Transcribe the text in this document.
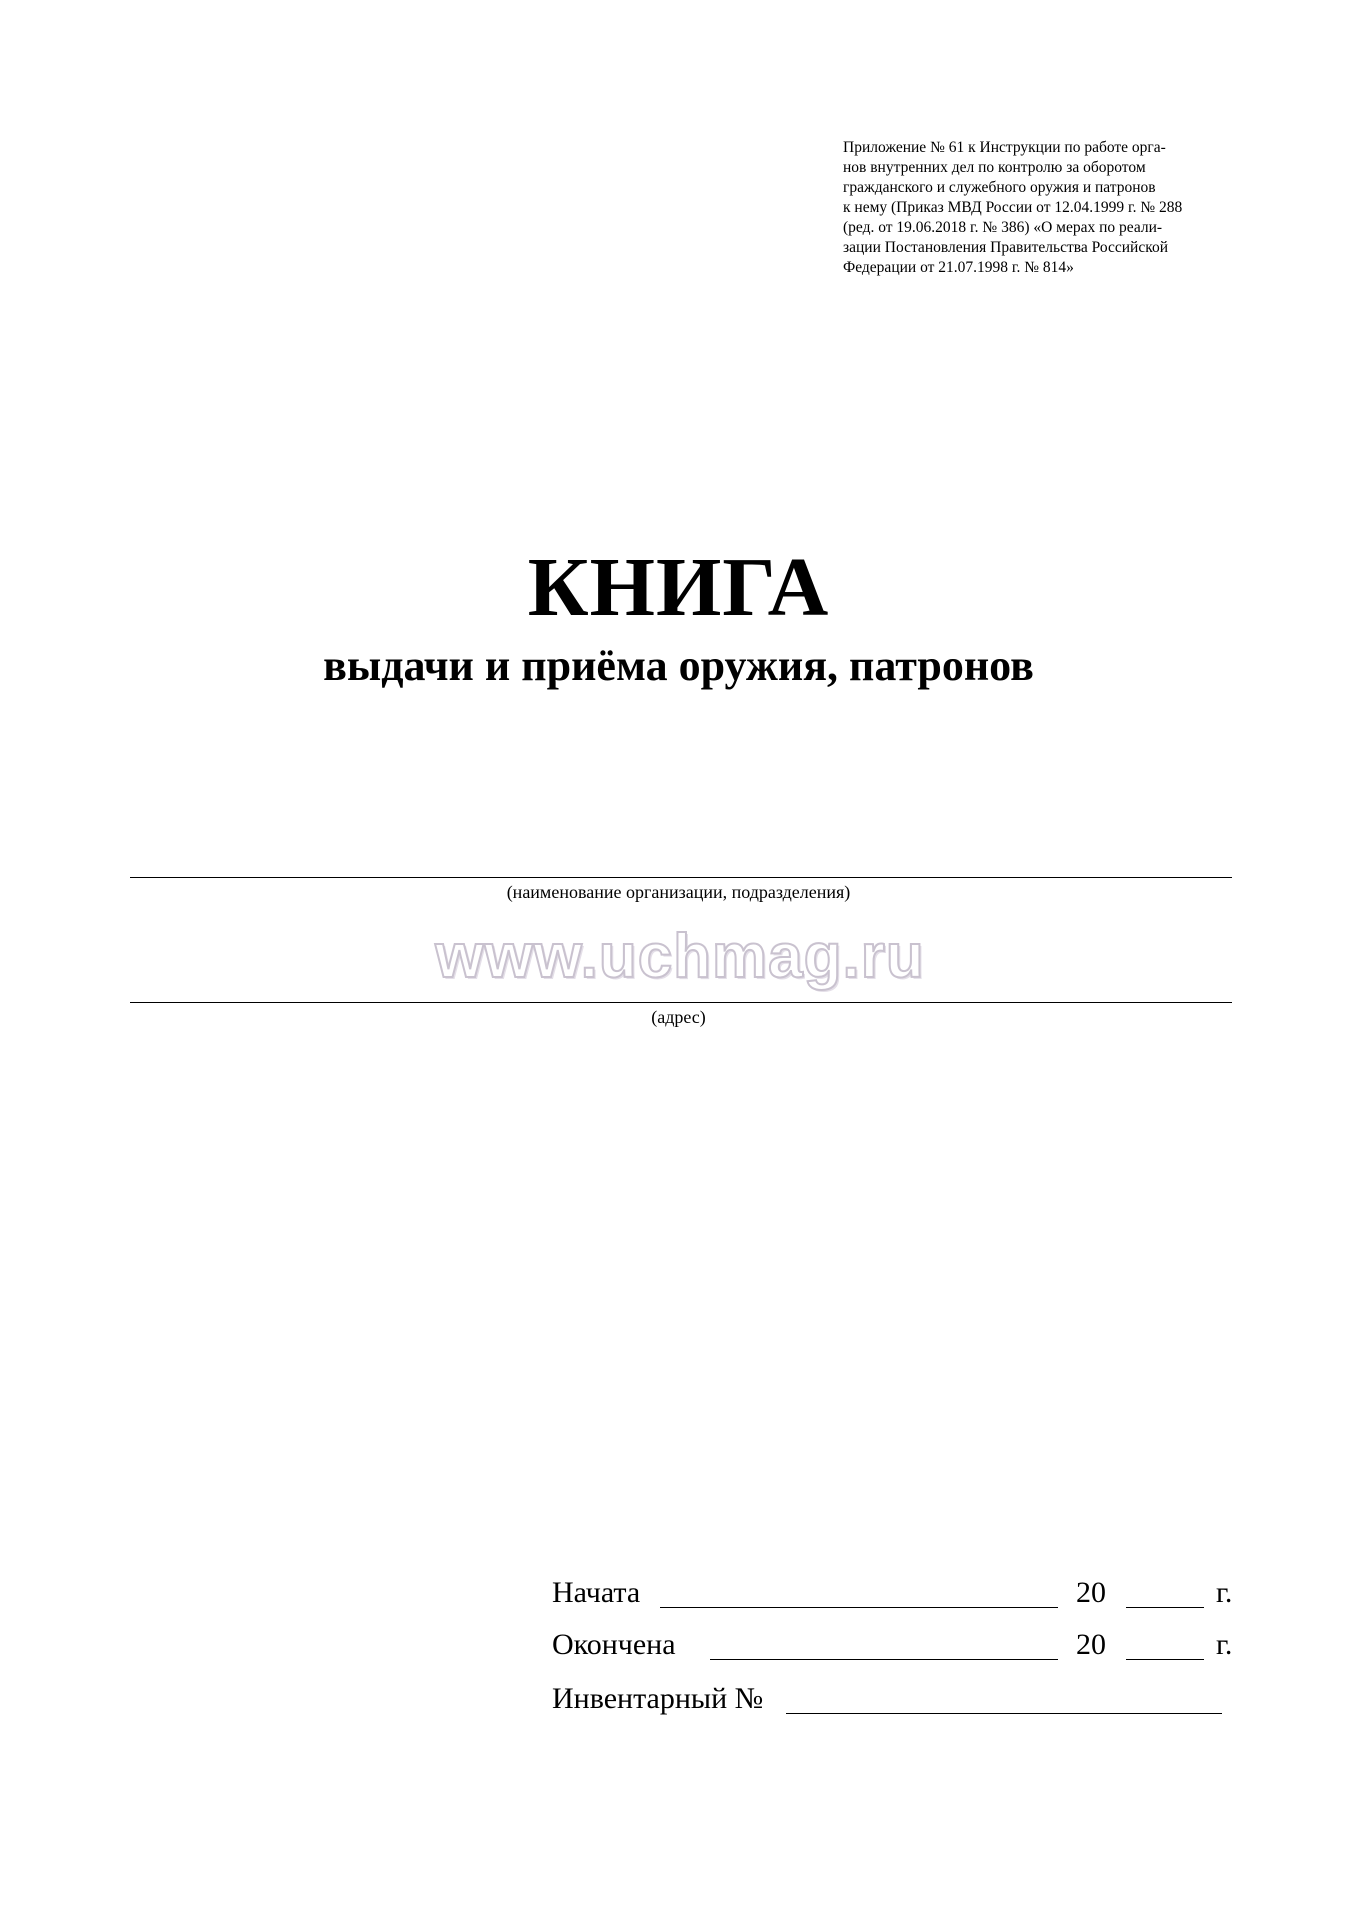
Приложение № 61 к Инструкции по работе орга-
нов внутренних дел по контролю за оборотом
гражданского и служебного оружия и патронов
к нему (Приказ МВД России от 12.04.1999 г. № 288
(ред. от 19.06.2018 г. № 386) «О мерах по реали-
зации Постановления Правительства Российской
Федерации от 21.07.1998 г. № 814»
КНИГА
выдачи и приёма оружия, патронов
(наименование организации, подразделения)
www.uchmag.ru
(адрес)
Начата	20	г.
Окончена	20	г.
Инвентарный №
